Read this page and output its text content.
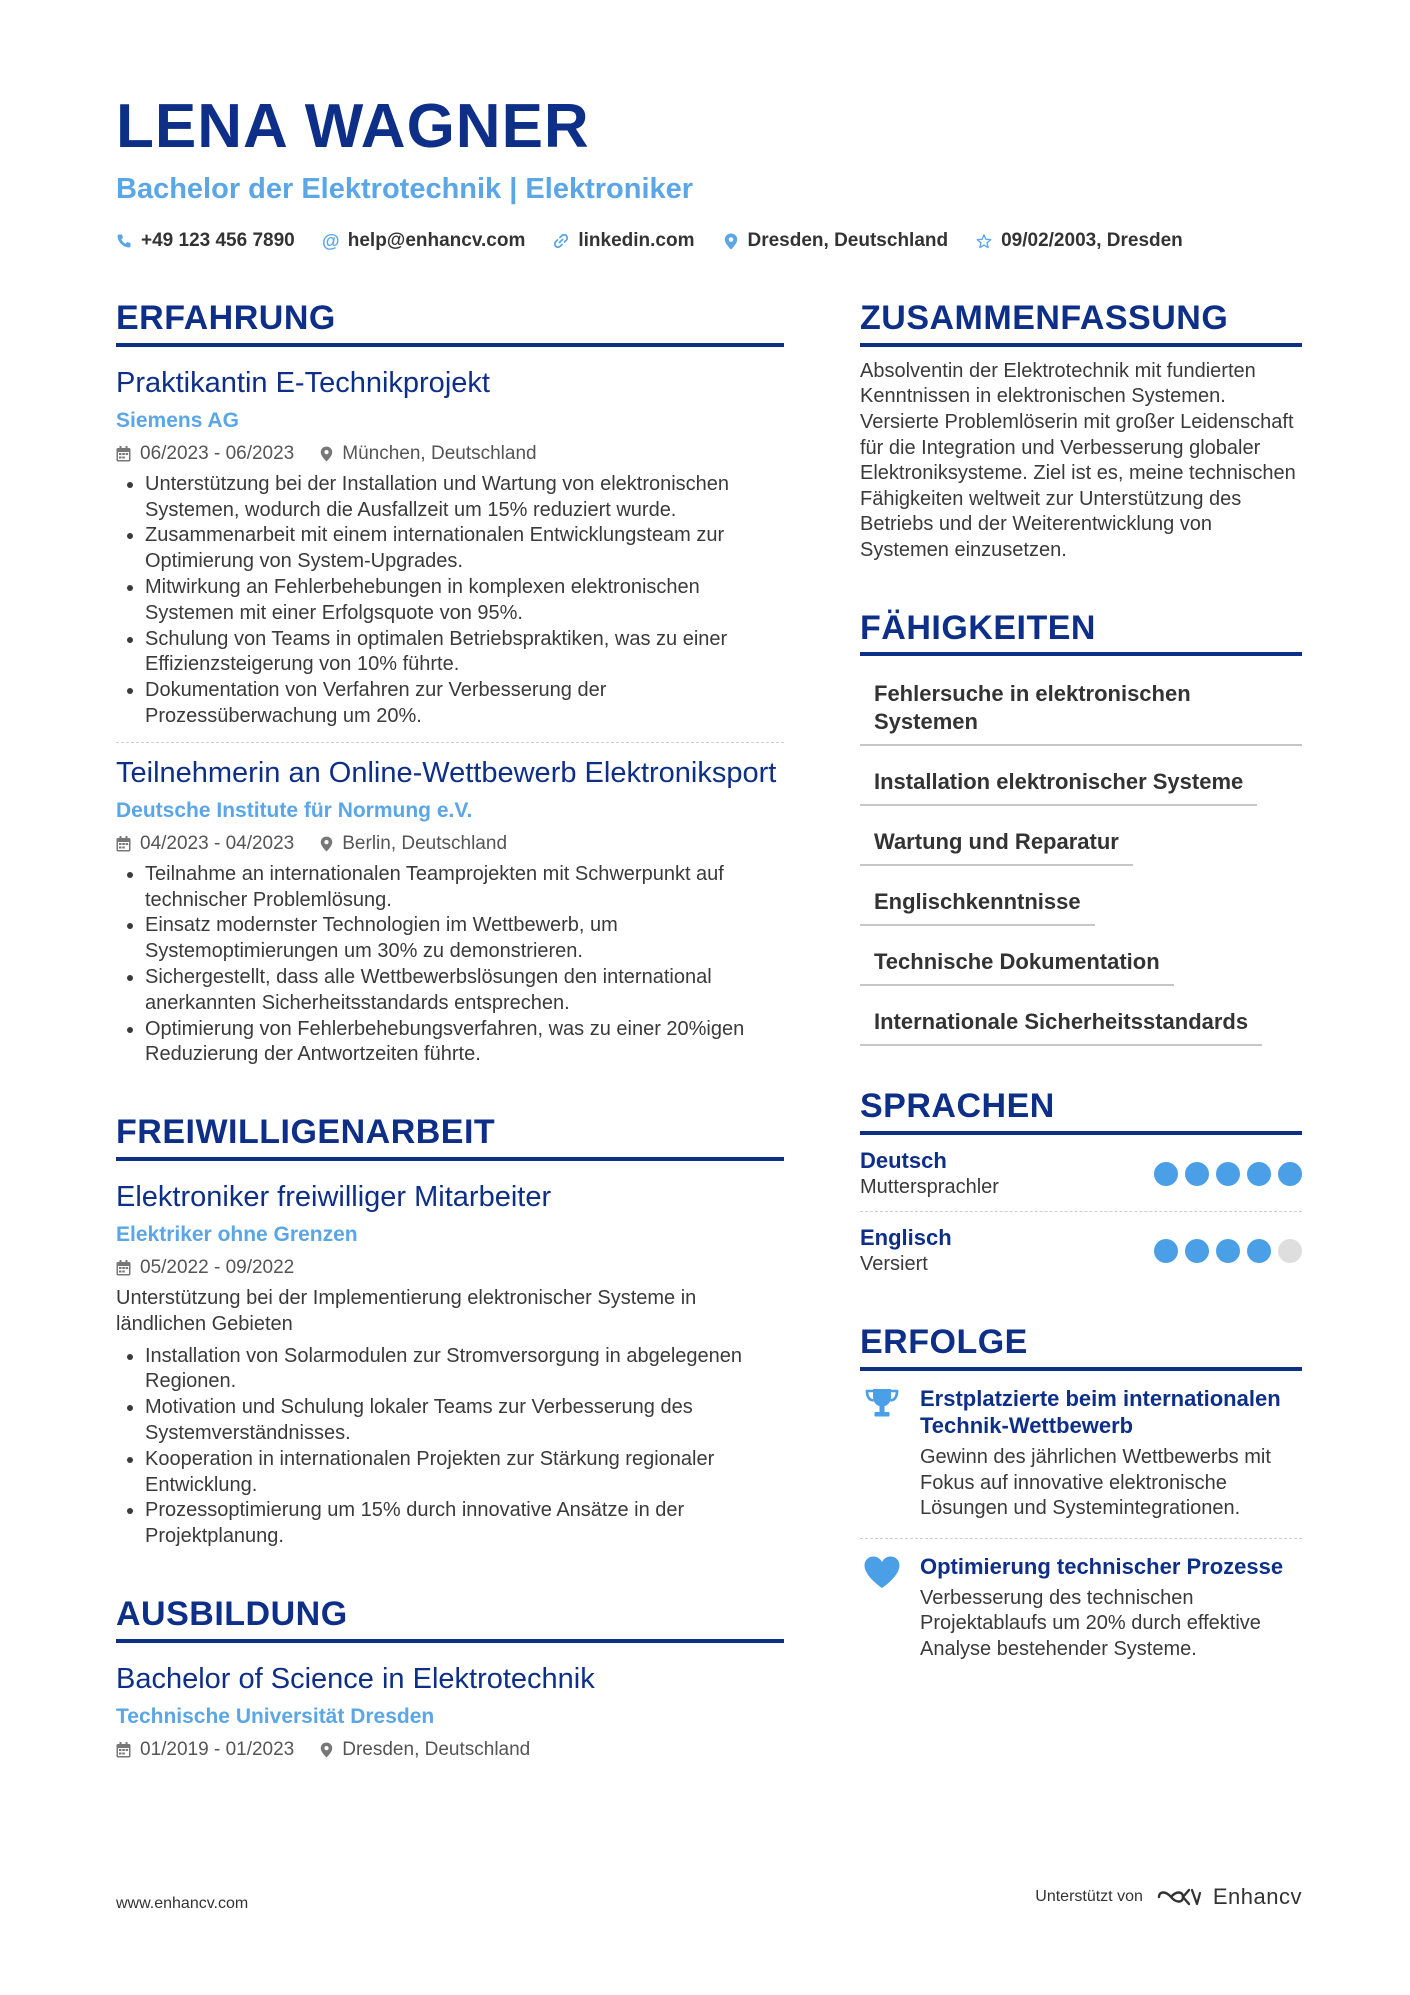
LENA WAGNER
Bachelor der Elektrotechnik | Elektroniker
+49 123 456 7890 @ help@enhancv.com	linkedin.com	Dresden, Deutschland	09/02/2003, Dresden
ERFAHRUNG
Praktikantin E-Technikprojekt
Siemens AG
06/2023 - 06/2023	München, Deutschland
• Unterstützung bei der Installation und Wartung von elektronischen Systemen, wodurch die Ausfallzeit um 15% reduziert wurde.
• Zusammenarbeit mit einem internationalen Entwicklungsteam zur Optimierung von System-Upgrades.
• Mitwirkung an Fehlerbehebungen in komplexen elektronischen Systemen mit einer Erfolgsquote von 95%.
• Schulung von Teams in optimalen Betriebspraktiken, was zu einer Effizienzsteigerung von 10% führte.
• Dokumentation von Verfahren zur Verbesserung der Prozessüberwachung um 20%.
Teilnehmerin an Online-Wettbewerb Elektroniksport
Deutsche Institute für Normung e.V.
04/2023 - 04/2023	Berlin, Deutschland
• Teilnahme an internationalen Teamprojekten mit Schwerpunkt auf technischer Problemlösung.
• Einsatz modernster Technologien im Wettbewerb, um Systemoptimierungen um 30% zu demonstrieren.
• Sichergestellt, dass alle Wettbewerbslösungen den international anerkannten Sicherheitsstandards entsprechen.
• Optimierung von Fehlerbehebungsverfahren, was zu einer 20%igen Reduzierung der Antwortzeiten führte.
FREIWILLIGENARBEIT
Elektroniker freiwilliger Mitarbeiter
Elektriker ohne Grenzen
05/2022 - 09/2022
Unterstützung bei der Implementierung elektronischer Systeme in ländlichen Gebieten
• Installation von Solarmodulen zur Stromversorgung in abgelegenen Regionen.
• Motivation und Schulung lokaler Teams zur Verbesserung des Systemverständnisses.
• Kooperation in internationalen Projekten zur Stärkung regionaler Entwicklung.
• Prozessoptimierung um 15% durch innovative Ansätze in der Projektplanung.
AUSBILDUNG
Bachelor of Science in Elektrotechnik
Technische Universität Dresden
01/2019 - 01/2023	Dresden, Deutschland
ZUSAMMENFASSUNG
Absolventin der Elektrotechnik mit fundierten Kenntnissen in elektronischen Systemen. Versierte Problemlöserin mit großer Leidenschaft für die Integration und Verbesserung globaler Elektroniksysteme. Ziel ist es, meine technischen Fähigkeiten weltweit zur Unterstützung des Betriebs und der Weiterentwicklung von Systemen einzusetzen.
FÄHIGKEITEN
Fehlersuche in elektronischen Systemen
Installation elektronischer Systeme
Wartung und Reparatur
Englischkenntnisse
Technische Dokumentation
Internationale Sicherheitsstandards
SPRACHEN
Deutsch
Muttersprachler
Englisch
Versiert
ERFOLGE
Erstplatzierte beim internationalen Technik-Wettbewerb
Gewinn des jährlichen Wettbewerbs mit Fokus auf innovative elektronische Lösungen und Systemintegrationen.
Optimierung technischer Prozesse
Verbesserung des technischen Projektablaufs um 20% durch effektive Analyse bestehender Systeme.
www.enhancv.com	Unterstützt von	Enhancv
